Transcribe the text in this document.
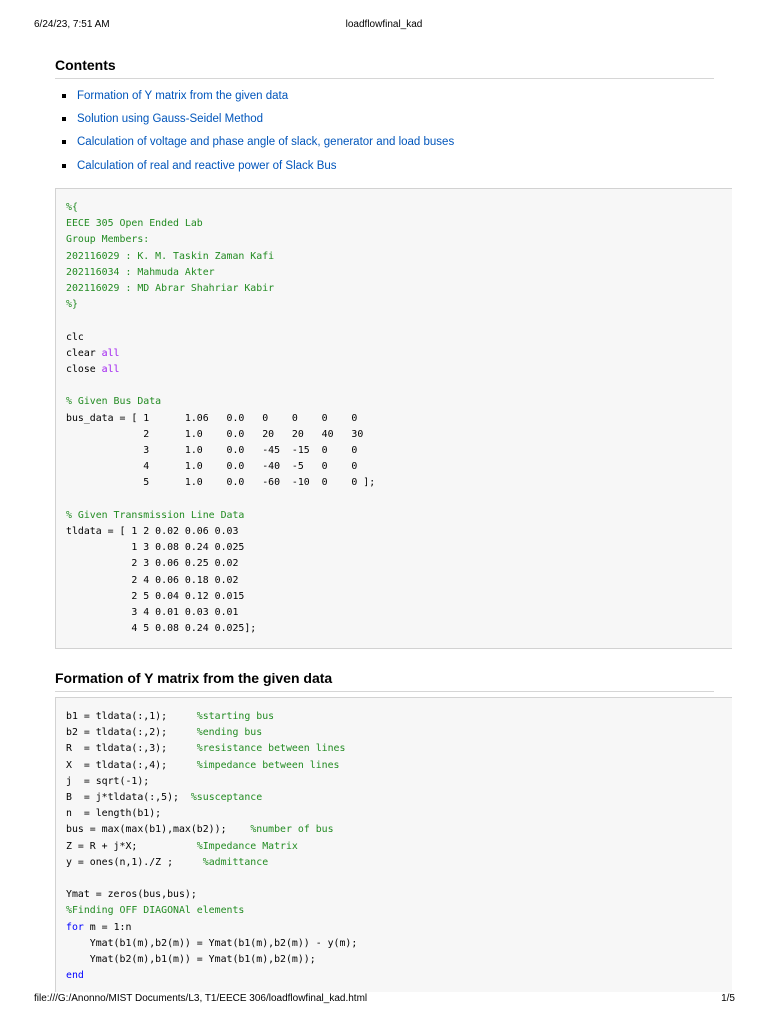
6/24/23, 7:51 AM	loadflowfinal_kad
Contents
Formation of Y matrix from the given data
Solution using Gauss-Seidel Method
Calculation of voltage and phase angle of slack, generator and load buses
Calculation of real and reactive power of Slack Bus
%{
EECE 305 Open Ended Lab
Group Members:
202116029 : K. M. Taskin Zaman Kafi
202116034 : Mahmuda Akter
202116029 : MD Abrar Shahriar Kabir
%}

clc
clear all
close all

% Given Bus Data
bus_data = [ 1      1.06   0.0   0    0    0    0
2      1.0    0.0   20   20   40   30
3      1.0    0.0   -45  -15  0    0
4      1.0    0.0   -40  -5   0    0
5      1.0    0.0   -60  -10  0    0 ];

% Given Transmission Line Data
tldata = [ 1 2 0.02 0.06 0.03
1 3 0.08 0.24 0.025
2 3 0.06 0.25 0.02
2 4 0.06 0.18 0.02
2 5 0.04 0.12 0.015
3 4 0.01 0.03 0.01
4 5 0.08 0.24 0.025];
Formation of Y matrix from the given data
b1 = tldata(:,1);     %starting bus
b2 = tldata(:,2);     %ending bus
R  = tldata(:,3);     %resistance between lines
X  = tldata(:,4);     %impedance between lines
j  = sqrt(-1);
B  = j*tldata(:,5);  %susceptance
n  = length(b1);
bus = max(max(b1),max(b2));    %number of bus
Z = R + j*X;          %Impedance Matrix
y = ones(n,1)./Z ;     %admittance

Ymat = zeros(bus,bus);
%Finding OFF DIAGONAl elements
for m = 1:n
Ymat(b1(m),b2(m)) = Ymat(b1(m),b2(m)) - y(m);
Ymat(b2(m),b1(m)) = Ymat(b1(m),b2(m));
end
file:///G:/Anonno/MIST Documents/L3, T1/EECE 306/loadflowfinal_kad.html	1/5
